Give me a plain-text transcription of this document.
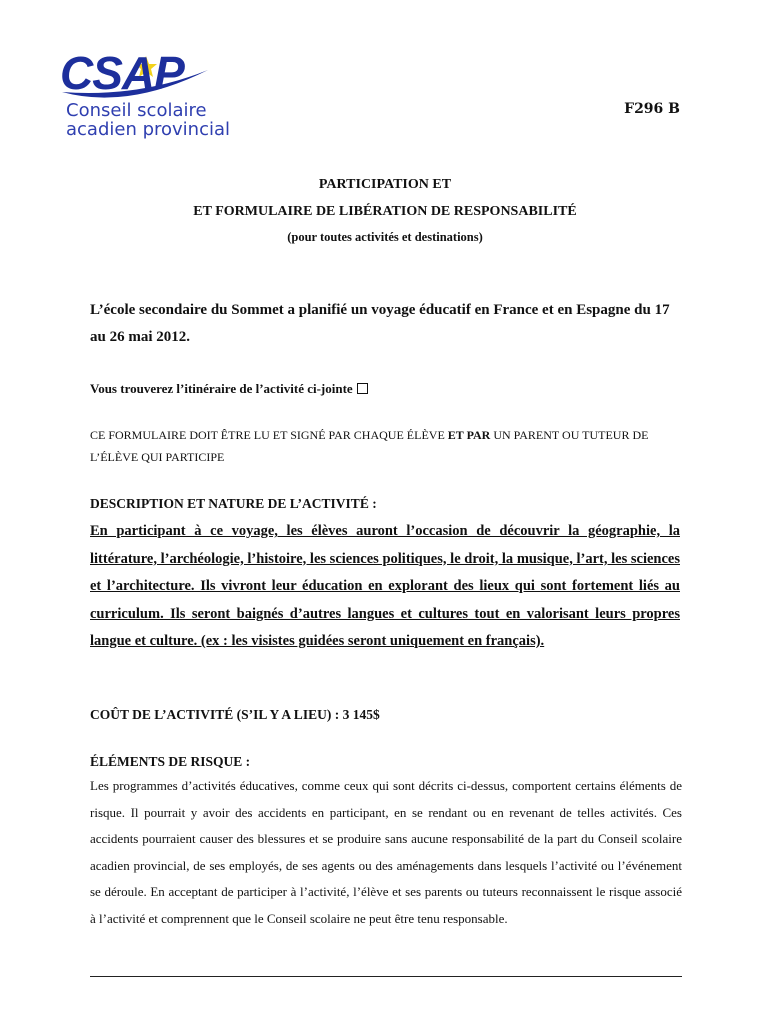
CSAP
Conseil scolaire
acadien provincial
F296 B

PARTICIPATION ET

ET FORMULAIRE DE LIBÉRATION DE RESPONSABILITÉ

(pour toutes activités et destinations)

L’école secondaire du Sommet a planifié un voyage éducatif en France et en Espagne du 17 au 26 mai 2012.

Vous trouverez l’itinéraire de l’activité ci-jointe
CE FORMULAIRE DOIT ÊTRE LU ET SIGNÉ PAR CHAQUE ÉLÈVE ET PAR UN PARENT OU TUTEUR DE L’ÉLÈVE QUI PARTICIPE
DESCRIPTION ET NATURE DE L’ACTIVITÉ :

En participant à ce voyage, les élèves auront l’occasion de découvrir la géographie, la littérature, l’archéologie, l’histoire, les sciences politiques, le droit, la musique, l’art, les sciences et l’architecture. Ils vivront leur éducation en explorant des lieux qui sont fortement liés au curriculum. Ils seront baignés d’autres langues et cultures tout en valorisant leurs propres langue et culture. (ex : les visistes guidées seront uniquement en français).

COÛT DE L’ACTIVITÉ (S’IL Y A LIEU) : 3 145$
ÉLÉMENTS DE RISQUE :

Les programmes d’activités éducatives, comme ceux qui sont décrits ci-dessus, comportent certains éléments de risque. Il pourrait y avoir des accidents en participant, en se rendant ou en revenant de telles activités. Ces accidents pourraient causer des blessures et se produire sans aucune responsabilité de la part du Conseil scolaire acadien provincial, de ses employés, de ses agents ou des aménagements dans lesquels l’activité ou l’événement se déroule. En acceptant de participer à l’activité, l’élève et ses parents ou tuteurs reconnaissent le risque associé à l’activité et comprennent que le Conseil scolaire ne peut être tenu responsable.
